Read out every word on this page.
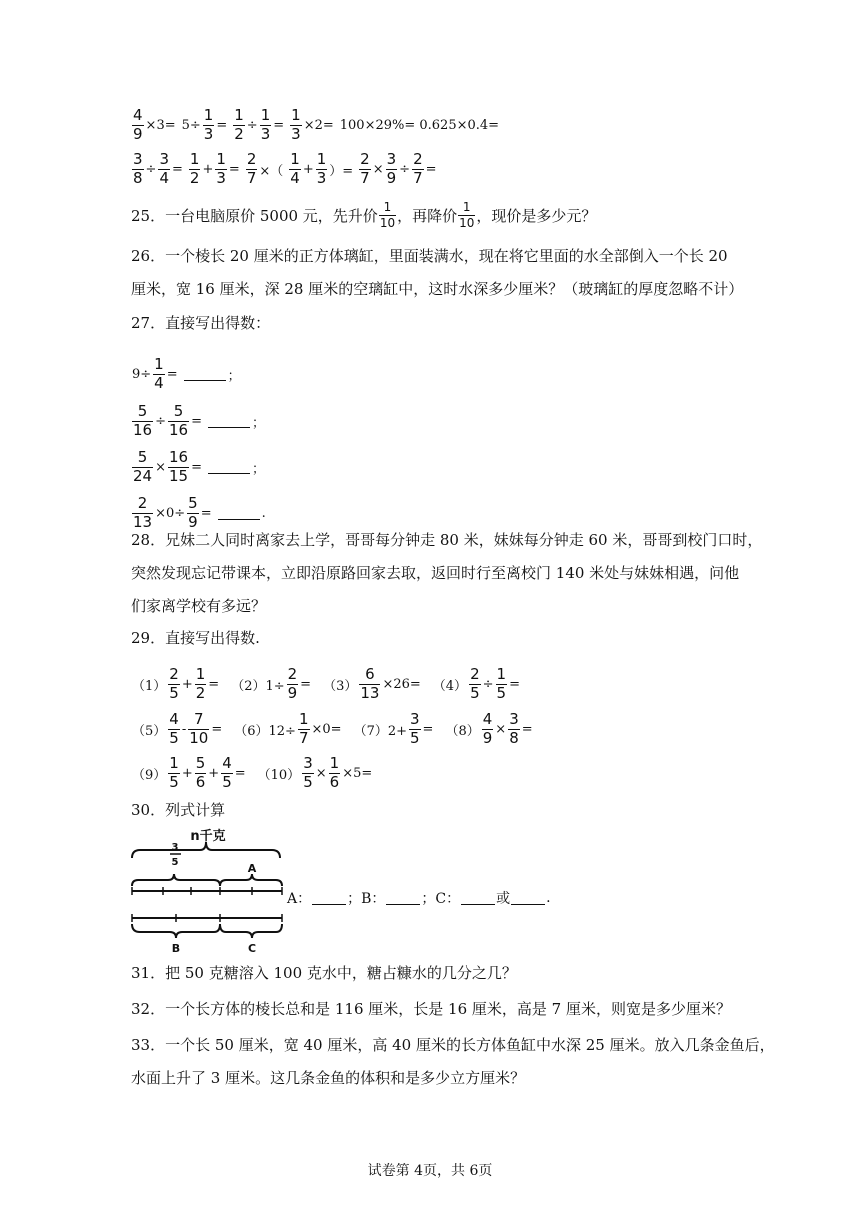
$\frac{4}{9} \times 3= 5\div \frac{1}{3} = \frac{1}{2} \div \frac{1}{3} = \frac{1}{3} \times 2= 100\times 29\%= 0.625\times 0.4=$
$\frac{3}{8} \div \frac{3}{4} = \frac{1}{2} + \frac{1}{3} = \frac{2}{7}$ ×（ $\frac{1}{4} + \frac{1}{3}$ ）= $\frac{2}{7} \times \frac{3}{9} \div \frac{2}{7}$ =
25．一台电脑原价 5000 元，先升价 $\frac{1}{10}$ ，再降价 $\frac{1}{10}$ ，现价是多少元？
26．一个棱长 20 厘米的正方体璃缸，里面装满水，现在将它里面的水全部倒入一个长 20
厘米，宽 16 厘米，深 28 厘米的空璃缸中，这时水深多少厘米？（玻璃缸的厚度忽略不计）
27．直接写出得数：
$9\div \frac{1}{4}$ =	；
$\frac{5}{16} \div \frac{5}{16}$ =	；
$\frac{5}{24} \times \frac{16}{15}$ =	；
$\frac{2}{13} \times 0\div \frac{5}{9}$ =	.
28．兄妹二人同时离家去上学，哥哥每分钟走 80 米，妹妹每分钟走 60 米，哥哥到校门口时，
突然发现忘记带课本，立即沿原路回家去取，返回时行至离校门 140 米处与妹妹相遇，问他
们家离学校有多远？
29．直接写出得数.
$(1) \frac{2}{5} + \frac{1}{2} = (2)1\div \frac{2}{9} = (3) \frac{6}{13} \times 26= (4) \frac{2}{5} \div \frac{1}{5}$ =
$(5) \frac{4}{5} - \frac{7}{10} = (6)12\div \frac{1}{7} \times 0= (7)2+ \frac{3}{5} = (8) \frac{4}{9} \times \frac{3}{8}$ =
$(9) \frac{1}{5} + \frac{5}{6} + \frac{4}{5} = (10) \frac{3}{5} \times \frac{1}{6} \times 5=$
30．列式计算
n千克
3
5	A
B	C
A：	；B：	；C：	或	.
31．把 50 克糖溶入 100 克水中，糖占糠水的几分之几？
32．一个长方体的棱长总和是 116 厘米，长是 16 厘米，高是 7 厘米，则宽是多少厘米？
33．一个长 50 厘米，宽 40 厘米，高 40 厘米的长方体鱼缸中水深 25 厘米。放入几条金鱼后，
水面上升了 3 厘米。这几条金鱼的体积和是多少立方厘米？
试卷第 4页，共 6页
